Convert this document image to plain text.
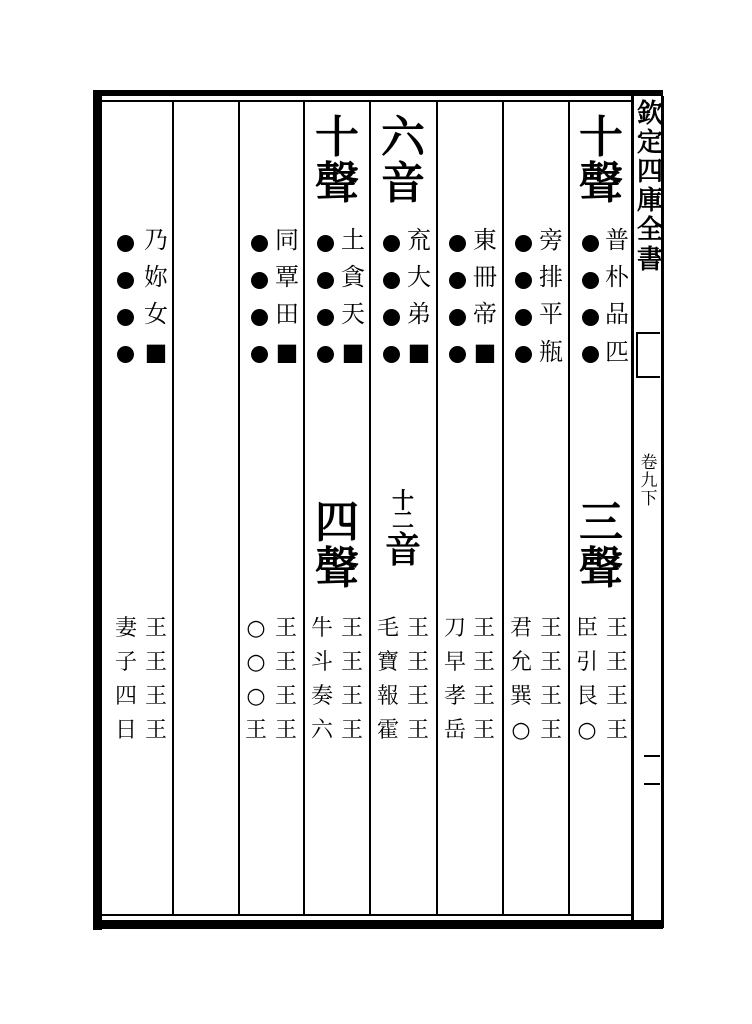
欽
定
四
庫
全
書
卷
九
下
十
聲
普
朴
品
匹
三
聲
王
王
王
王
臣
引
艮
○
旁
排
平
瓶
王
王
王
王
君
允
巽
○
東
冊
帝
■
王
王
王
王
刀
早
孝
岳
六
音
㐬
大
弟
■
十
二
音
王
王
王
王
毛
寶
報
霍
十
聲
土
貪
天
■
四
聲
王
王
王
王
牛
斗
奏
六
同
覃
田
■
王
王
王
王
○
○
○
王
乃
妳
女
■
王
王
王
王
妻
子
四
日
